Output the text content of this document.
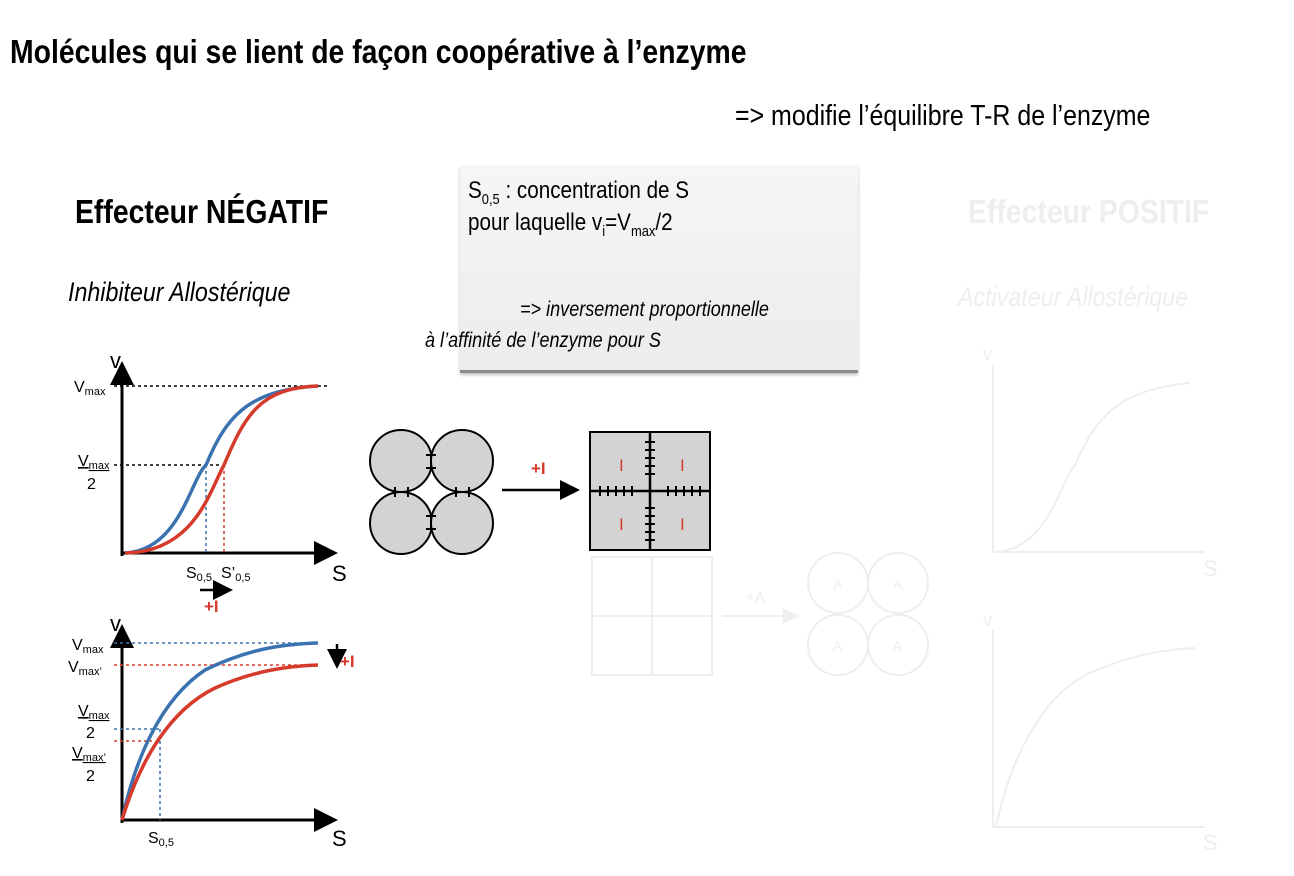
Molécules qui se lient de façon coopérative à l’enzyme
=> modifie l’équilibre T-R de l’enzyme
Effecteur NÉGATIF
Inhibiteur Allostérique
Effecteur POSITIF
Activateur Allostérique
$S_{0,5}$ : concentration de S
pour laquelle $v_i=V_{max}/2$
=> inversement proportionnelle
à l’affinité de l’enzyme pour S
$v_i$
S
Vmax
Vmax
2
S0,5 S’0,5
+I
$v_i$
S
Vmax
Vmax’
Vmax
2
Vmax’
2
S0,5
+I
+I	I	I
I	I
+A
A	A
A	A
v
S
v
S
